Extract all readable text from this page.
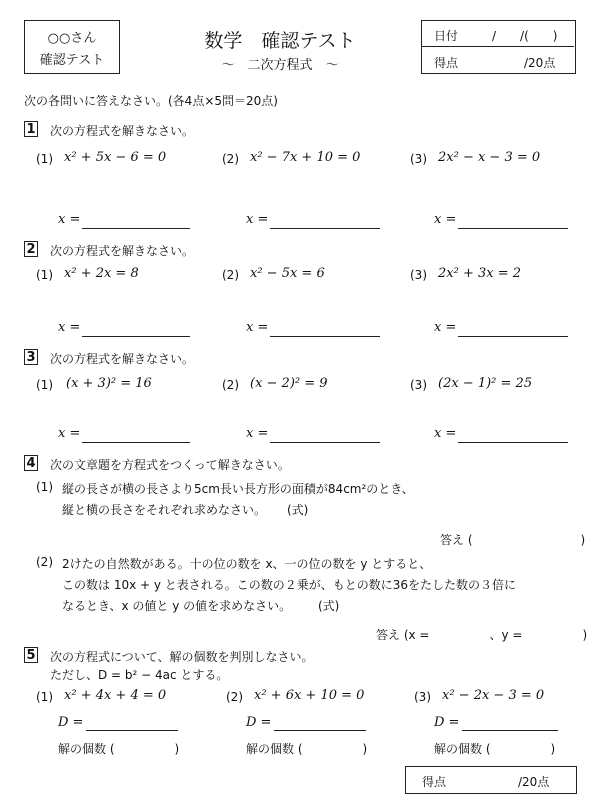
○○さん
確認テスト
数学　確認テスト
～　二次方程式　～
日付	/　　/(　　)
得点	/20点
次の各問いに答えなさい。(各4点×5問＝20点)
1 次の方程式を解きなさい。
(1) x² + 5x − 6 = 0	(2) x² − 7x + 10 = 0	(3) 2x² − x − 3 = 0
x =	x =	x =
2 次の方程式を解きなさい。
(1) x² + 2x = 8	(2) x² − 5x = 6	(3) 2x² + 3x = 2
x =	x =	x =
3 次の方程式を解きなさい。
(1) (x + 3)² = 16	(2) (x − 2)² = 9	(3) (2x − 1)² = 25
x =	x =	x =
4 次の文章題を方程式をつくって解きなさい。
(1) 縦の長さが横の長さより5cm長い長方形の面積が84cm²のとき、
縦と横の長さをそれぞれ求めなさい。 (式)
答え (　　　　　　　　　)
(2) 2けたの自然数がある。十の位の数を x、一の位の数を y とすると、
この数は 10x + y と表される。この数の２乗が、もとの数に36をたした数の３倍に
なるとき、x の値と y の値を求めなさい。 (式)
答え (x =　　　　　、y =　　　　　)
5 次の方程式について、解の個数を判別しなさい。
ただし、D = b² − 4ac とする。
(1) x² + 4x + 4 = 0	(2) x² + 6x + 10 = 0	(3) x² − 2x − 3 = 0
D =	D =	D =
解の個数 (　　　　　)	解の個数 (　　　　　)	解の個数 (　　　　　)
得点	/20点
